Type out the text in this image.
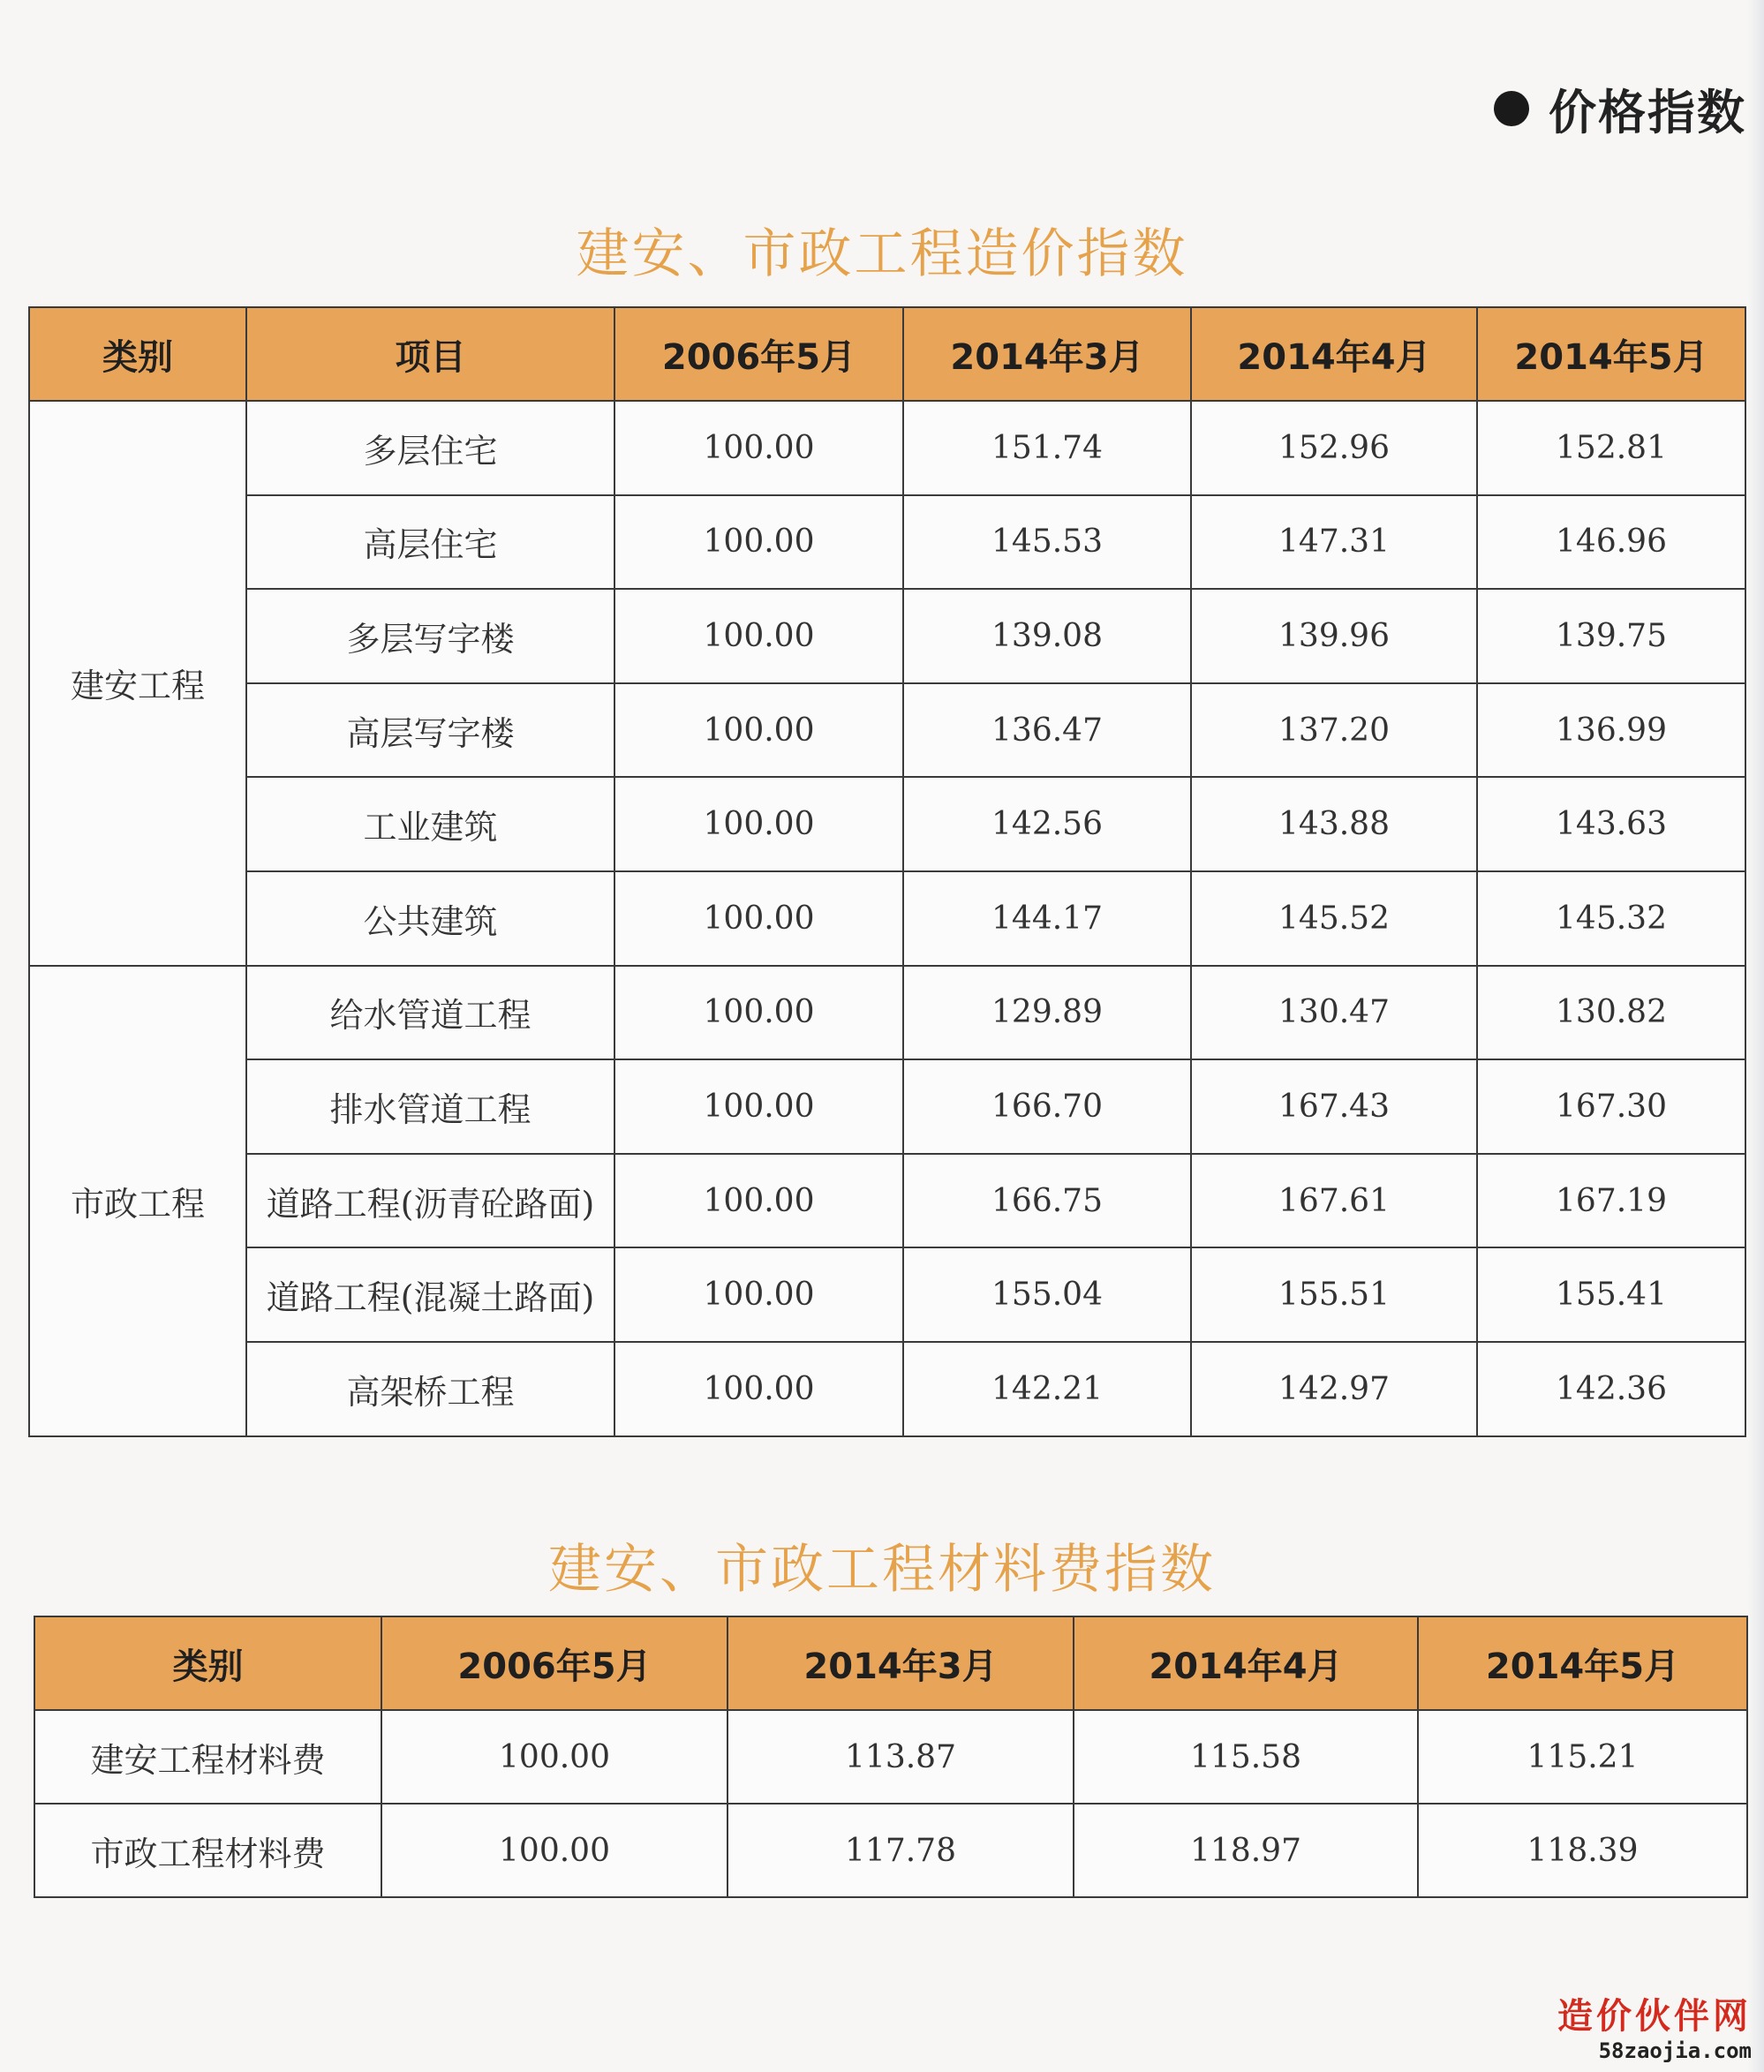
价格指数
建安、市政工程造价指数
类别	项目	2006年5月	2014年3月	2014年4月	2014年5月
建安工程	多层住宅	100.00	151.74	152.96	152.81
	高层住宅	100.00	145.53	147.31	146.96
	多层写字楼	100.00	139.08	139.96	139.75
	高层写字楼	100.00	136.47	137.20	136.99
	工业建筑	100.00	142.56	143.88	143.63
	公共建筑	100.00	144.17	145.52	145.32
市政工程	给水管道工程	100.00	129.89	130.47	130.82
	排水管道工程	100.00	166.70	167.43	167.30
	道路工程(沥青砼路面)	100.00	166.75	167.61	167.19
	道路工程(混凝土路面)	100.00	155.04	155.51	155.41
	高架桥工程	100.00	142.21	142.97	142.36
建安、市政工程材料费指数
类别	2006年5月	2014年3月	2014年4月	2014年5月
建安工程材料费	100.00	113.87	115.58	115.21
市政工程材料费	100.00	117.78	118.97	118.39
造价伙伴网
58zaojia.com
